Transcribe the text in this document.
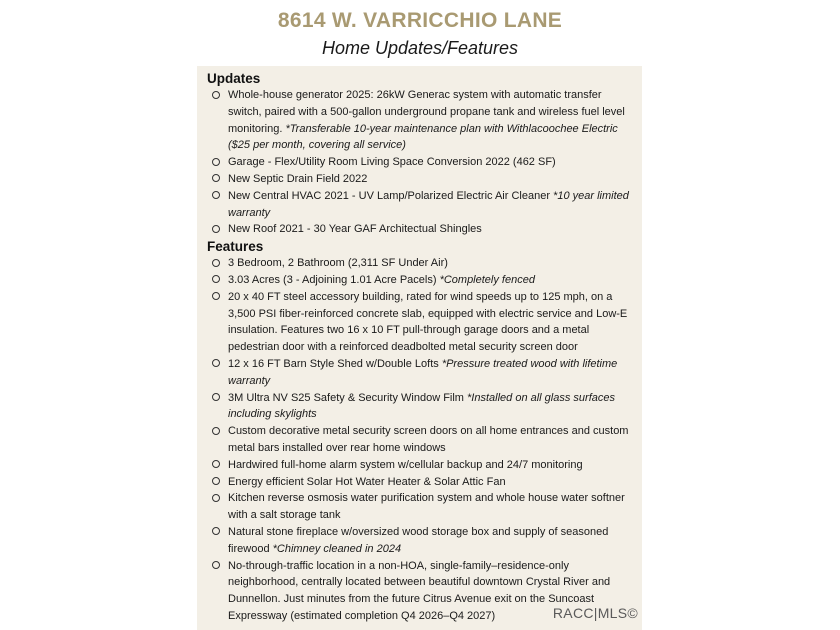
8614 W. VARRICCHIO LANE
Home Updates/Features
Updates
Whole-house generator 2025: 26kW Generac system with automatic transfer switch, paired with a 500-gallon underground propane tank and wireless fuel level monitoring. *Transferable 10-year maintenance plan with Withlacoochee Electric ($25 per month, covering all service)
Garage - Flex/Utility Room Living Space Conversion 2022 (462 SF)
New Septic Drain Field 2022
New Central HVAC 2021 - UV Lamp/Polarized Electric Air Cleaner *10 year limited warranty
New Roof 2021 - 30 Year GAF Architectual Shingles
Features
3 Bedroom, 2 Bathroom (2,311 SF Under Air)
3.03 Acres (3 - Adjoining 1.01 Acre Pacels) *Completely fenced
20 x 40 FT steel accessory building, rated for wind speeds up to 125 mph, on a 3,500 PSI fiber-reinforced concrete slab, equipped with electric service and Low-E insulation. Features two 16 x 10 FT pull-through garage doors and a metal pedestrian door with a reinforced deadbolted metal security screen door
12 x 16 FT Barn Style Shed w/Double Lofts *Pressure treated wood with lifetime warranty
3M Ultra NV S25 Safety & Security Window Film *Installed on all glass surfaces including skylights
Custom decorative metal security screen doors on all home entrances and custom metal bars installed over rear home windows
Hardwired full-home alarm system w/cellular backup and 24/7 monitoring
Energy efficient Solar Hot Water Heater & Solar Attic Fan
Kitchen reverse osmosis water purification system and whole house water softner with a salt storage tank
Natural stone fireplace w/oversized wood storage box and supply of seasoned firewood *Chimney cleaned in 2024
No-through-traffic location in a non-HOA, single-family–residence-only neighborhood, centrally located between beautiful downtown Crystal River and Dunnellon. Just minutes from the future Citrus Avenue exit on the Suncoast Expressway (estimated completion Q4 2026–Q4 2027)	RACC|MLS©
